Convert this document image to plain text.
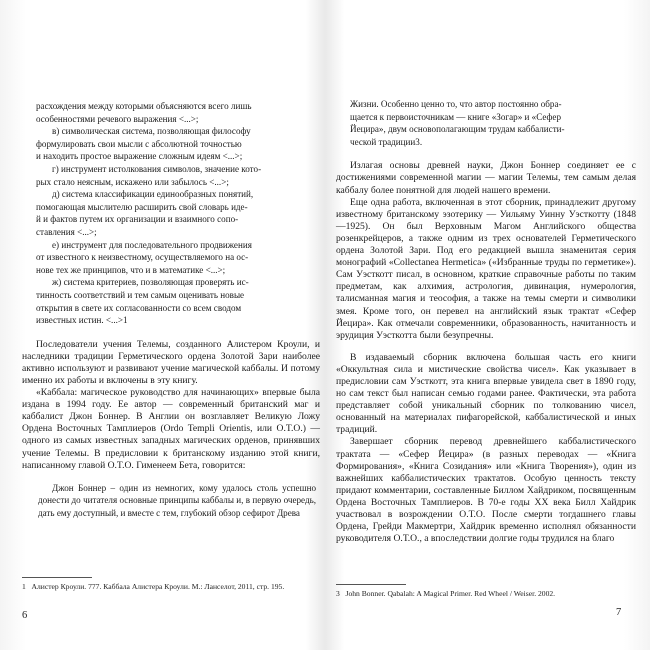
расхождения между которыми объясняются всего лишь

особенностями речевого выражения <...>;

в) символическая система, позволяющая философу

формулировать свои мысли с абсолютной точностью

и находить простое выражение сложным идеям <...>;

г) инструмент истолкования символов, значение кото-

рых стало неясным, искажено или забылось <...>;

д) система классификации единообразных понятий,

помогающая мыслителю расширить свой словарь иде-

й и фактов путем их организации и взаимного сопо-

ставления <...>;

е) инструмент для последовательного продвижения

от известного к неизвестному, осуществляемого на ос-

нове тех же принципов, что и в математике <...>;

ж) система критериев, позволяющая проверять ис-

тинность соответствий и тем самым оценивать новые

открытия в свете их согласованности со всем сводом

известных истин. <...>1

Последователи учения Телемы, созданного Алистером Кроули, и наследники традиции Герметического ордена Золотой Зари наиболее активно используют и развивают учение магической каббалы. И потому именно их работы и включены в эту книгу.

«Каббала: магическое руководство для начинающих» впервые была издана в 1994 году. Ее автор — современный британский маг и каббалист Джон Боннер. В Англии он возглавляет Великую Ложу Ордена Восточных Тамплиеров (Ordo Templi Orientis, или O.T.O.) — одного из самых известных западных магических орденов, принявших учение Телемы. В предисловии к британскому изданию этой книги, написанному главой O.T.O. Гименеем Бета, говорится:

Джон Боннер – один из немногих, кому удалось столь успешно донести до читателя основные принципы каббалы и, в первую очередь, дать ему доступный, и вместе с тем, глубокий обзор сефирот Древа

1 Алистер Кроули. 777. Каббала Алистера Кроули. М.: Ланселот, 2011, стр. 195.
6

Жизни. Особенно ценно то, что автор постоянно обра-

щается к первоисточникам — книге «Зогар» и «Сефер

Йецира», двум основополагающим трудам каббалисти-

ческой традиции3.

Излагая основы древней науки, Джон Боннер соединяет ее с достижениями современной магии — магии Телемы, тем самым делая каббалу более понятной для людей нашего времени.

Еще одна работа, включенная в этот сборник, принадлежит другому известному британскому эзотерику — Уильяму Уинну Уэсткотту (1848—1925). Он был Верховным Магом Английского общества розенкрейцеров, а также одним из трех основателей Герметического ордена Золотой Зари. Под его редакцией вышла знаменитая серия монографий «Collectanea Hermetica» («Избранные труды по герметике»). Сам Уэсткотт писал, в основном, краткие справочные работы по таким предметам, как алхимия, астрология, дивинация, нумерология, талисманная магия и теософия, а также на темы смерти и символики змея. Кроме того, он перевел на английский язык трактат «Сефер Йецира». Как отмечали современники, образованность, начитанность и эрудиция Уэсткотта были безупречны.

В издаваемый сборник включена большая часть его книги «Оккультная сила и мистические свойства чисел». Как указывает в предисловии сам Уэсткотт, эта книга впервые увидела свет в 1890 году, но сам текст был написан семью годами ранее. Фактически, эта работа представляет собой уникальный сборник по толкованию чисел, основанный на материалах пифагорейской, каббалистической и иных традиций.

Завершает сборник перевод древнейшего каббалистического трактата — «Сефер Йецира» (в разных переводах — «Книга Формирования», «Книга Созидания» или «Книга Творения»), один из важнейших каббалистических трактатов. Особую ценность тексту придают комментарии, составленные Биллом Хайдриком, посвященным Ордена Восточных Тамплиеров. В 70-е годы XX века Билл Хайдрик участвовал в возрождении О.Т.О. После смерти тогдашнего главы Ордена, Грейди Макмертри, Хайдрик временно исполнял обязанности руководителя О.Т.О., а впоследствии долгие годы трудился на благо

3 John Bonner. Qabalah: A Magical Primer. Red Wheel / Weiser. 2002.
7
